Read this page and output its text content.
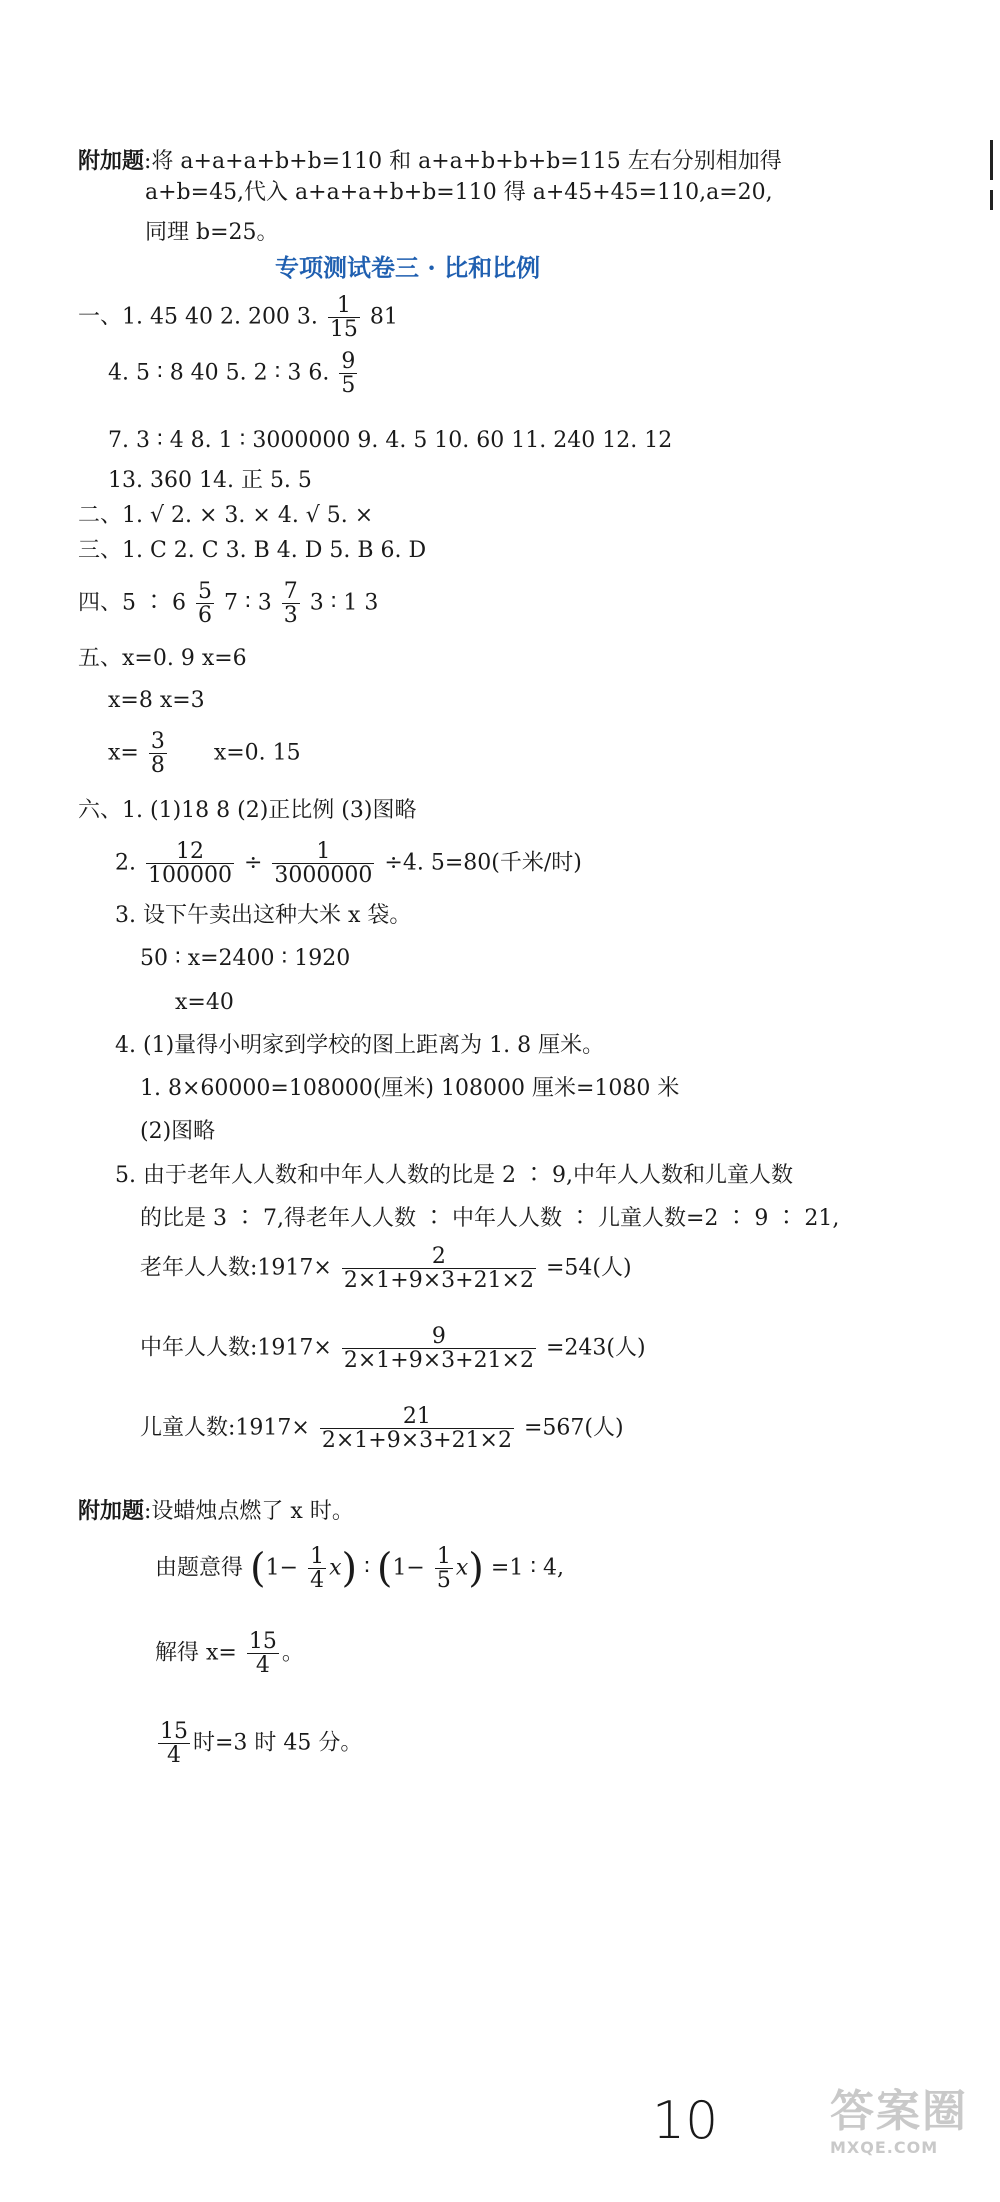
附加题:将 a+a+a+b+b=110 和 a+a+b+b+b=115 左右分别相加得
a+b=45,代入 a+a+a+b+b=110 得 a+45+45=110,a=20,
同理 b=25。
专项测试卷三 · 比和比例
一、1. 45 40 2. 200 3. $\frac{1}{15} 81$
4. 5 ∶ 8 40 5. 2 ∶ 3 6. $\frac{9}{5}$
7. 3 ∶ 4 8. 1 ∶ 3000000 9. 4. 5 10. 60 11. 240 12. 12
13. 360 14. 正 5. 5
二、1. √ 2. × 3. × 4. √ 5. ×
三、1. C 2. C 3. B 4. D 5. B 6. D
四、5 ∶ $6 \frac{5}{6} 7$ ∶ $3 \frac{7}{3} 3$ ∶ 1 3
五、x=0. 9 x=6
x=8 x=3
$x= \frac{3}{8} x=0$. 15
六、1. (1)18 8 (2)正比例 (3)图略
2. $\frac{12}{100000} \div \frac{1}{3000000} \div 4$. 5=80(千米/时)
3. 设下午卖出这种大米 x 袋。
50 ∶ x=2400 ∶ 1920
x=40
4. (1)量得小明家到学校的图上距离为 1. 8 厘米。
1. 8×60000=108000(厘米) 108000 厘米=1080 米
(2)图略
5. 由于老年人人数和中年人人数的比是 2 ∶ 9,中年人人数和儿童人数
的比是 3 ∶ 7,得老年人人数 ∶ 中年人人数 ∶ 儿童人数=2 ∶ 9 ∶ 21,
老年人人数:1917× $\frac{2}{2\times 1+9\times 3+21\times 2} =54$(人)
中年人人数:1917× $\frac{9}{2\times 1+9\times 3+21\times 2} =243$(人)
儿童人数:1917× $\frac{21}{2\times 1+9\times 3+21\times 2} =567$(人)
附加题:设蜡烛点燃了 x 时。
由题意得 $(1- \frac{1}{4} x)$ ∶ $(1- \frac{1}{5} x) =1$ ∶ 4,
解得 $x= \frac{15}{4}$ 。
$\frac{15}{4}$ 时=3 时 45 分。
10	答案圈
MXQE.COM
